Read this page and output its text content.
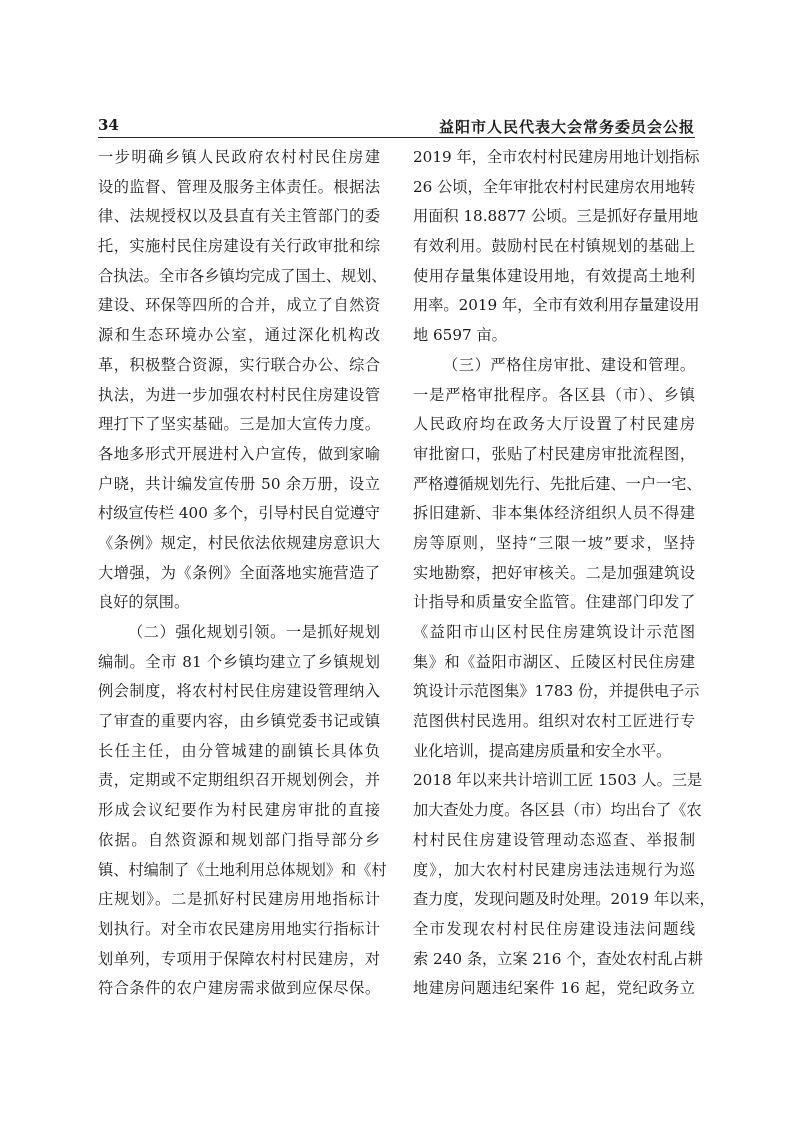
34	益阳市人民代表大会常务委员会公报
一步明确乡镇人民政府农村村民住房建
设的监督、管理及服务主体责任。根据法
律、法规授权以及县直有关主管部门的委
托，实施村民住房建设有关行政审批和综
合执法。全市各乡镇均完成了国土、规划、
建设、环保等四所的合并，成立了自然资
源和生态环境办公室，通过深化机构改
革，积极整合资源，实行联合办公、综合
执法，为进一步加强农村村民住房建设管
理打下了坚实基础。三是加大宣传力度。
各地多形式开展进村入户宣传，做到家喻
户晓，共计编发宣传册 50 余万册，设立
村级宣传栏 400 多个，引导村民自觉遵守
《条例》规定，村民依法依规建房意识大
大增强，为《条例》全面落地实施营造了
良好的氛围。
（二）强化规划引领。一是抓好规划
编制。全市 81 个乡镇均建立了乡镇规划
例会制度，将农村村民住房建设管理纳入
了审查的重要内容，由乡镇党委书记或镇
长任主任，由分管城建的副镇长具体负
责，定期或不定期组织召开规划例会，并
形成会议纪要作为村民建房审批的直接
依据。自然资源和规划部门指导部分乡
镇、村编制了《土地利用总体规划》和《村
庄规划》。二是抓好村民建房用地指标计
划执行。对全市农民建房用地实行指标计
划单列，专项用于保障农村村民建房，对
符合条件的农户建房需求做到应保尽保。
2019 年，全市农村村民建房用地计划指标
26 公顷，全年审批农村村民建房农用地转
用面积 18.8877 公顷。三是抓好存量用地
有效利用。鼓励村民在村镇规划的基础上
使用存量集体建设用地，有效提高土地利
用率。2019 年，全市有效利用存量建设用
地 6597 亩。
（三）严格住房审批、建设和管理。
一是严格审批程序。各区县（市）、乡镇
人民政府均在政务大厅设置了村民建房
审批窗口，张贴了村民建房审批流程图，
严格遵循规划先行、先批后建、一户一宅、
拆旧建新、非本集体经济组织人员不得建
房等原则，坚持“三限一坡”要求，坚持
实地勘察，把好审核关。二是加强建筑设
计指导和质量安全监管。住建部门印发了
《益阳市山区村民住房建筑设计示范图
集》和《益阳市湖区、丘陵区村民住房建
筑设计示范图集》1783 份，并提供电子示
范图供村民选用。组织对农村工匠进行专
业化培训，提高建房质量和安全水平。
2018 年以来共计培训工匠 1503 人。三是
加大查处力度。各区县（市）均出台了《农
村村民住房建设管理动态巡查、举报制
度》，加大农村村民建房违法违规行为巡
查力度，发现问题及时处理。2019 年以来，
全市发现农村村民住房建设违法问题线
索 240 条，立案 216 个，查处农村乱占耕
地建房问题违纪案件 16 起，党纪政务立
